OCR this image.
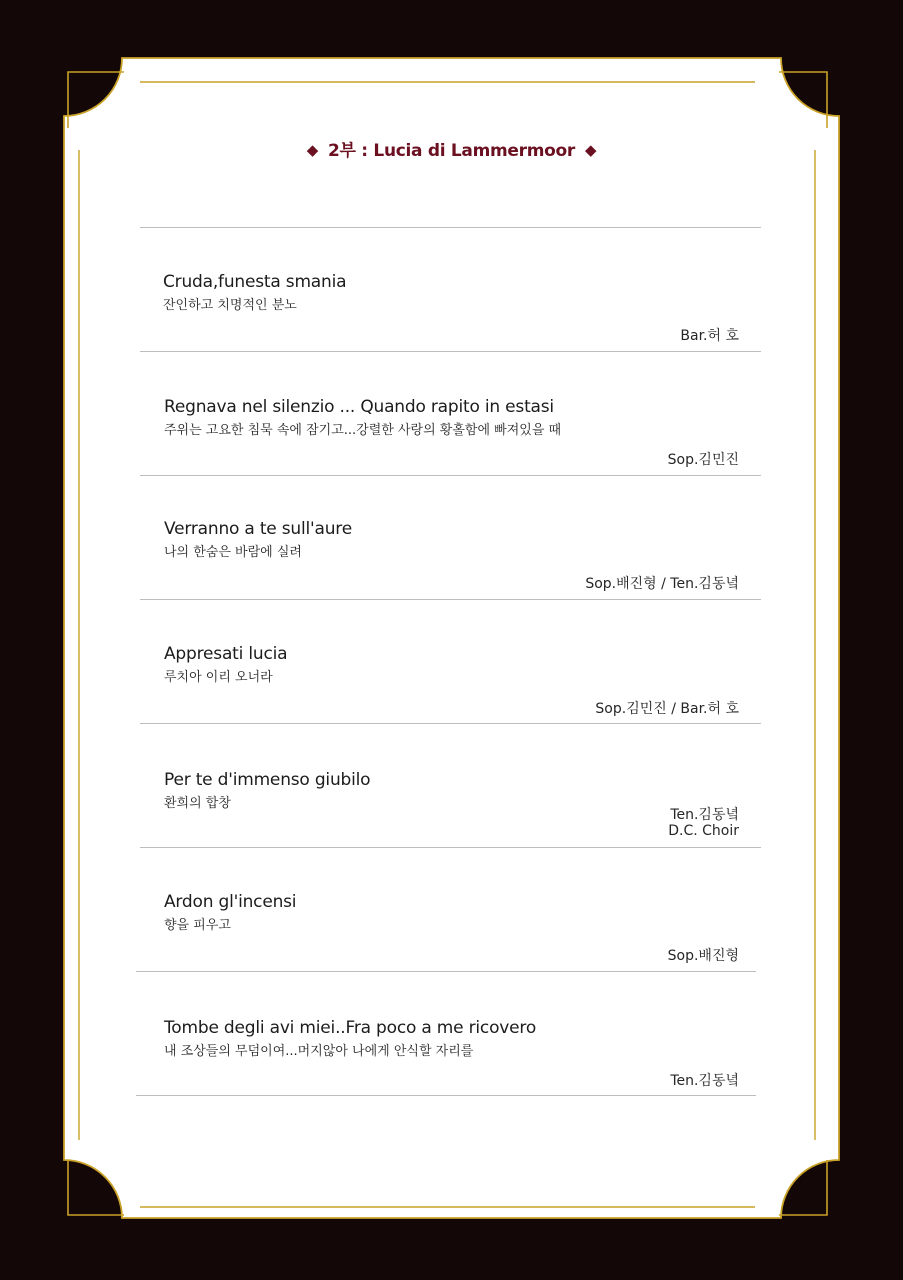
◆ 2부 : Lucia di Lammermoor ◆
Cruda,funesta smania
잔인하고 치명적인 분노
Bar.허 호
Regnava nel silenzio ... Quando rapito in estasi
주위는 고요한 침묵 속에 잠기고...강렬한 사랑의 황홀함에 빠져있을 때
Sop.김민진
Verranno a te sull'aure
나의 한숨은 바람에 실려
Sop.배진형 / Ten.김동녘
Appresati lucia
루치아 이리 오너라
Sop.김민진 / Bar.허 호
Per te d'immenso giubilo
환희의 합창
Ten.김동녘
D.C. Choir
Ardon gl'incensi
향을 피우고
Sop.배진형
Tombe degli avi miei..Fra poco a me ricovero
내 조상들의 무덤이여...머지않아 나에게 안식할 자리를
Ten.김동녘
